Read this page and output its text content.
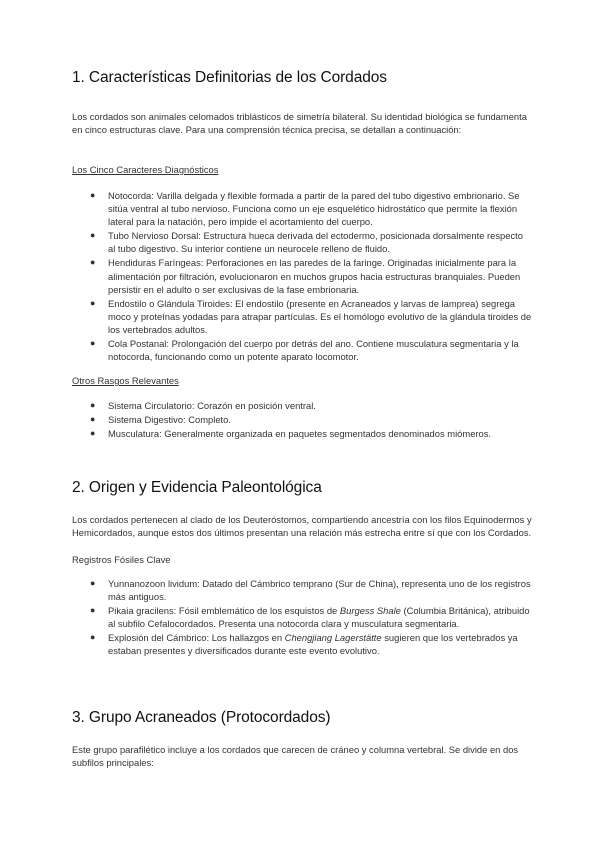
1. Características Definitorias de los Cordados

Los cordados son animales celomados triblásticos de simetría bilateral. Su identidad biológica se fundamenta en cinco estructuras clave. Para una comprensión técnica precisa, se detallan a continuación:

Los Cinco Caracteres Diagnósticos

● Notocorda: Varilla delgada y flexible formada a partir de la pared del tubo digestivo embrionario. Se sitúa ventral al tubo nervioso. Funciona como un eje esquelético hidrostático que permite la flexión lateral para la natación, pero impide el acortamiento del cuerpo.
● Tubo Nervioso Dorsal: Estructura hueca derivada del ectodermo, posicionada dorsalmente respecto al tubo digestivo. Su interior contiene un neurocele relleno de fluido.
● Hendiduras Faríngeas: Perforaciones en las paredes de la faringe. Originadas inicialmente para la alimentación por filtración, evolucionaron en muchos grupos hacia estructuras branquiales. Pueden persistir en el adulto o ser exclusivas de la fase embrionaria.
● Endostilo o Glándula Tiroides: El endostilo (presente en Acraneados y larvas de lamprea) segrega moco y proteínas yodadas para atrapar partículas. Es el homólogo evolutivo de la glándula tiroides de los vertebrados adultos.
● Cola Postanal: Prolongación del cuerpo por detrás del ano. Contiene musculatura segmentaria y la notocorda, funcionando como un potente aparato locomotor.

Otros Rasgos Relevantes

● Sistema Circulatorio: Corazón en posición ventral.
● Sistema Digestivo: Completo.
● Musculatura: Generalmente organizada en paquetes segmentados denominados miómeros.
2. Origen y Evidencia Paleontológica

Los cordados pertenecen al clado de los Deuteróstomos, compartiendo ancestría con los filos Equinodermos y Hemicordados, aunque estos dos últimos presentan una relación más estrecha entre sí que con los Cordados.

Registros Fósiles Clave

● Yunnanozoon lividum: Datado del Cámbrico temprano (Sur de China), representa uno de los registros más antiguos.
● Pikaia gracilens: Fósil emblemático de los esquistos de Burgess Shale (Columbia Británica), atribuido al subfilo Cefalocordados. Presenta una notocorda clara y musculatura segmentaria.
● Explosión del Cámbrico: Los hallazgos en Chengjiang Lagerstätte sugieren que los vertebrados ya estaban presentes y diversificados durante este evento evolutivo.
3. Grupo Acraneados (Protocordados)

Este grupo parafilético incluye a los cordados que carecen de cráneo y columna vertebral. Se divide en dos subfilos principales:
